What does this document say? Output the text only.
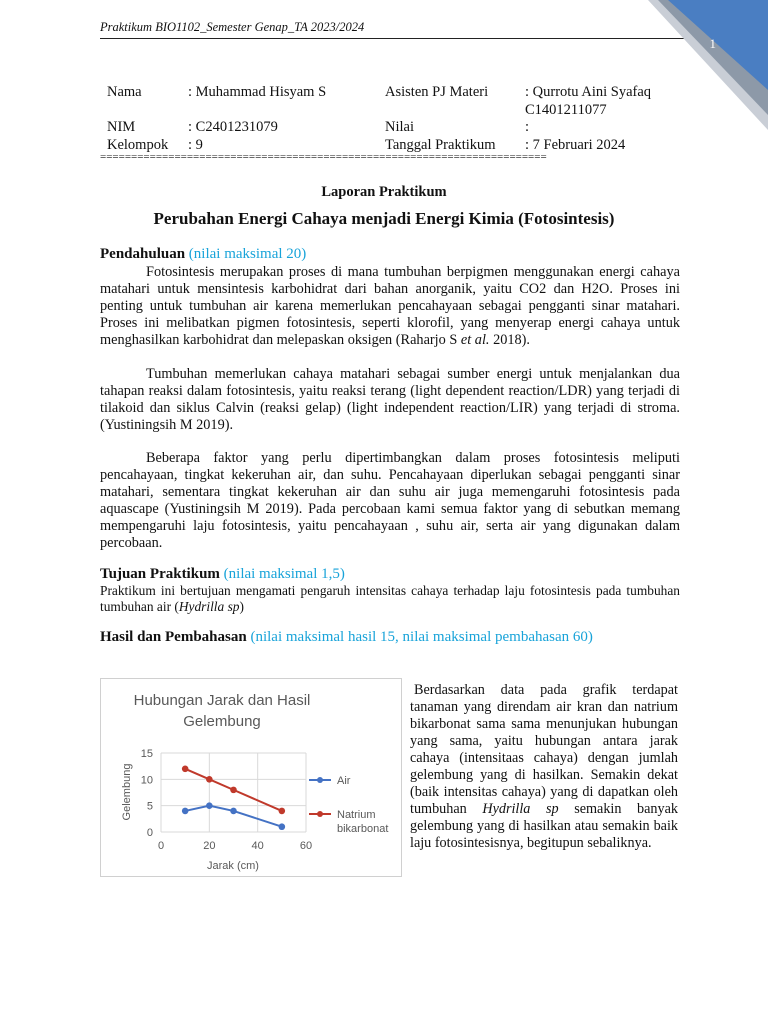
Praktikum BIO1102_Semester Genap_TA 2023/2024
1
Nama	: Muhammad Hisyam S	Asisten PJ Materi	: Qurrotu Aini Syafaq
C1401211077
NIM	: C2401231079	Nilai	:
Kelompok	: 9	Tanggal Praktikum	: 7 Februari 2024
========================================================================
Laporan Praktikum
Perubahan Energi Cahaya menjadi Energi Kimia (Fotosintesis)
Pendahuluan (nilai maksimal 20)
Fotosintesis merupakan proses di mana tumbuhan berpigmen menggunakan energi cahaya matahari untuk mensintesis karbohidrat dari bahan anorganik, yaitu CO2 dan H2O. Proses ini penting untuk tumbuhan air karena memerlukan pencahayaan sebagai pengganti sinar matahari. Proses ini melibatkan pigmen fotosintesis, seperti klorofil, yang menyerap energi cahaya untuk menghasilkan karbohidrat dan melepaskan oksigen (Raharjo S et al. 2018).
Tumbuhan memerlukan cahaya matahari sebagai sumber energi untuk menjalankan dua tahapan reaksi dalam fotosintesis, yaitu reaksi terang (light dependent reaction/LDR) yang terjadi di tilakoid dan siklus Calvin (reaksi gelap) (light independent reaction/LIR) yang terjadi di stroma. (Yustiningsih M 2019).
Beberapa faktor yang perlu dipertimbangkan dalam proses fotosintesis meliputi pencahayaan, tingkat kekeruhan air, dan suhu. Pencahayaan diperlukan sebagai pengganti sinar matahari, sementara tingkat kekeruhan air dan suhu air juga memengaruhi fotosintesis pada aquascape (Yustiningsih M 2019). Pada percobaan kami semua faktor yang di sebutkan memang mempengaruhi laju fotosintesis, yaitu pencahayaan , suhu air, serta air yang digunakan dalam percobaan.
Tujuan Praktikum (nilai maksimal 1,5)
Praktikum ini bertujuan mengamati pengaruh intensitas cahaya terhadap laju fotosintesis pada tumbuhan tumbuhan air (Hydrilla sp)
Hasil dan Pembahasan (nilai maksimal hasil 15, nilai maksimal pembahasan 60)
Hubungan Jarak dan Hasil
Gelembung
0
5
10
15
0	20	40	60
Jarak (cm)
Gelembung	Air
Natrium
bikarbonat
Berdasarkan data pada grafik terdapat tanaman yang direndam air kran dan natrium bikarbonat sama sama menunjukan hubungan yang sama, yaitu hubungan antara jarak cahaya (intensitaas cahaya) dengan jumlah gelembung yang di hasilkan. Semakin dekat (baik intensitas cahaya) yang di dapatkan oleh tumbuhan Hydrilla sp semakin banyak gelembung yang di hasilkan atau semakin baik laju fotosintesisnya, begitupun sebaliknya.
